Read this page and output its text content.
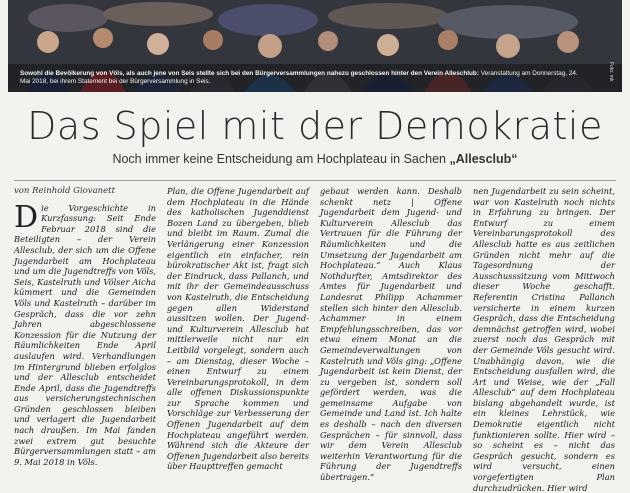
Sowohl die Bevölkerung von Völs, als auch jene von Seis stellte sich bei den Bürgerversammlungen nahezu geschlossen hinter den Verein Alleschlub: Veranstaltung am Donnerstag, 24. Mai 2018, bei ihrem Statement bei der Bürgerversammlung in Seis.
Foto: mk
Das Spiel mit der Demokratie
Noch immer keine Entscheidung am Hochplateau in Sachen „Allesclub“

von Reinhold Giovanett

Die Vorgeschichte in Kurzfassung: Seit Ende Februar 2018 sind die Beteiligten – der Verein Allesclub, der sich um die Offene Jugendarbeit am Hochplateau und um die Jugendtreffs von Völs, Seis, Kastelruth und Völser Aicha kümmert und die Gemeinden Völs und Kastelruth – darüber im Gespräch, dass die vor zehn Jahren abgeschlossene Konzession für die Nutzung der Räumlichkeiten Ende April auslaufen wird. Verhandlungen im Hintergrund blieben erfolglos und der Allesclub entscheidet Ende April, dass die Jugendtreffs aus versicherungstechnischen Gründen geschlossen bleiben und verlagert die Jugendarbeit nach draußen. Im Mai fanden zwei extrem gut besuchte Bürgerversammlungen statt – am 9. Mai 2018 in Völs.

Plan, die Offene Jugendarbeit auf dem Hochplateau in die Hände des katholischen Jugenddienst Bozen Land zu übergeben, blieb und bleibt im Raum. Zumal die Verlängerung einer Konzession eigentlich ein einfacher, rein bürokratischer Akt ist, fragt sich der Eindruck, dass Pallanch, und mit ihr der Gemeindeausschuss von Kastelruth, die Entscheidung gegen allen Widerstand aussitzen wollen. Der Jugend- und Kulturverein Allesclub hat mittlerweile nicht nur ein Leitbild vorgelegt, sondern auch – am Dienstag, dieser Woche – einen Entwurf zu einem Vereinbarungsprotokoll, in dem alle offenen Diskussionspunkte zur Sprache kommen und Vorschläge zur Verbesserung der Offenen Jugendarbeit auf dem Hochplateau angeführt werden. Während sich die Akteure der Offenen Jugendarbeit also bereits über Haupttreffen gemacht

gebaut werden kann. Deshalb schenkt netz | Offene Jugendarbeit dem Jugend- und Kulturverein Allesclub das Vertrauen für die Führung der Räumlichkeiten und die Umsetzung der Jugendarbeit am Hochplateau.“ Auch Klaus Nothdurfter, Amtsdirektor des Amtes für Jugendarbeit und Landesrat Philipp Achammer stellen sich hinter den Allesclub. Achammer in einem Empfehlungsschreiben, das vor etwa einem Monat an die Gemeindeverwaltungen von Kastelruth und Völs ging: „Offene Jugendarbeit ist kein Dienst, der zu vergeben ist, sondern soll gefördert werden, was die gemeinsame Aufgabe von Gemeinde und Land ist. Ich halte es deshalb – nach den diversen Gesprächen – für sinnvoll, dass wir dem Verein Allesclub weiterhin Verantwortung für die Führung der Jugendtreffs übertragen.“

nen Jugendarbeit zu sein scheint, war von Kastelruth noch nichts in Erfahrung zu bringen. Der Entwurf zu einem Vereinbarungsprotokoll des Allesclub hatte es aus zeitlichen Gründen nicht mehr auf die Tagesordnung der Ausschusssitzung vom Mittwoch dieser Woche geschafft. Referentin Cristina Pallanch versicherte in einem kurzen Gespräch, dass die Entscheidung demnächst getroffen wird, wobei zuerst noch das Gespräch mit der Gemeinde Völs gesucht wird. Unabhängig davon, wie die Entscheidung ausfallen wird, die Art und Weise, wie der „Fall Allesclub“ auf dem Hochplateau bislang abgehandelt wurde, ist ein kleines Lehrstück, wie Demokratie eigentlich nicht funktionieren sollte. Hier wird – so scheint es – nicht das Gespräch gesucht, sondern es wird versucht, einen vorgefertigten Plan durchzudrücken. Hier wird
